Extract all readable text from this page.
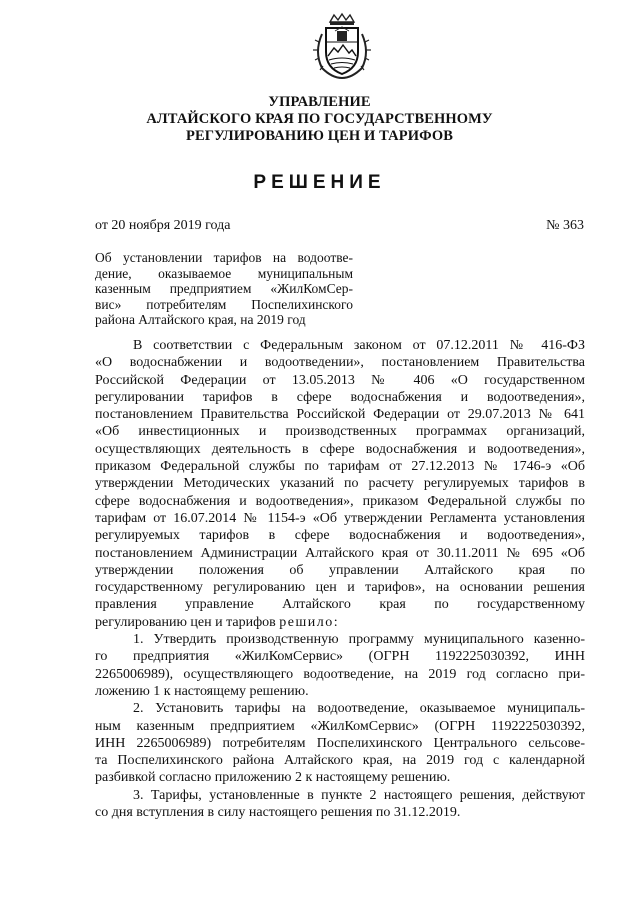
УПРАВЛЕНИЕ
АЛТАЙСКОГО КРАЯ ПО ГОСУДАРСТВЕННОМУ
РЕГУЛИРОВАНИЮ ЦЕН И ТАРИФОВ
РЕШЕНИЕ
от 20 ноября 2019 года	№ 363
Об установлении тарифов на водоотве-
дение, оказываемое муниципальным
казенным предприятием «ЖилКомСер-
вис» потребителям Поспелихинского
района Алтайского края, на 2019 год
В соответствии с Федеральным законом от 07.12.2011 № 416-ФЗ
«О водоснабжении и водоотведении», постановлением Правительства
Российской Федерации от 13.05.2013 № 406 «О государственном
регулировании тарифов в сфере водоснабжения и водоотведения»,
постановлением Правительства Российской Федерации от 29.07.2013 № 641
«Об инвестиционных и производственных программах организаций,
осуществляющих деятельность в сфере водоснабжения и водоотведения»,
приказом Федеральной службы по тарифам от 27.12.2013 № 1746-э «Об
утверждении Методических указаний по расчету регулируемых тарифов в
сфере водоснабжения и водоотведения», приказом Федеральной службы по
тарифам от 16.07.2014 № 1154-э «Об утверждении Регламента установления
регулируемых тарифов в сфере водоснабжения и водоотведения»,
постановлением Администрации Алтайского края от 30.11.2011 № 695 «Об
утверждении положения об управлении Алтайского края по
государственному регулированию цен и тарифов», на основании решения
правления управление Алтайского края по государственному
регулированию цен и тарифов решило:
1. Утвердить производственную программу муниципального казенно-
го предприятия «ЖилКомСервис» (ОГРН 1192225030392, ИНН
2265006989), осуществляющего водоотведение, на 2019 год согласно при-
ложению 1 к настоящему решению.
2. Установить тарифы на водоотведение, оказываемое муниципаль-
ным казенным предприятием «ЖилКомСервис» (ОГРН 1192225030392,
ИНН 2265006989) потребителям Поспелихинского Центрального сельсове-
та Поспелихинского района Алтайского края, на 2019 год с календарной
разбивкой согласно приложению 2 к настоящему решению.
3. Тарифы, установленные в пункте 2 настоящего решения, действуют
со дня вступления в силу настоящего решения по 31.12.2019.
